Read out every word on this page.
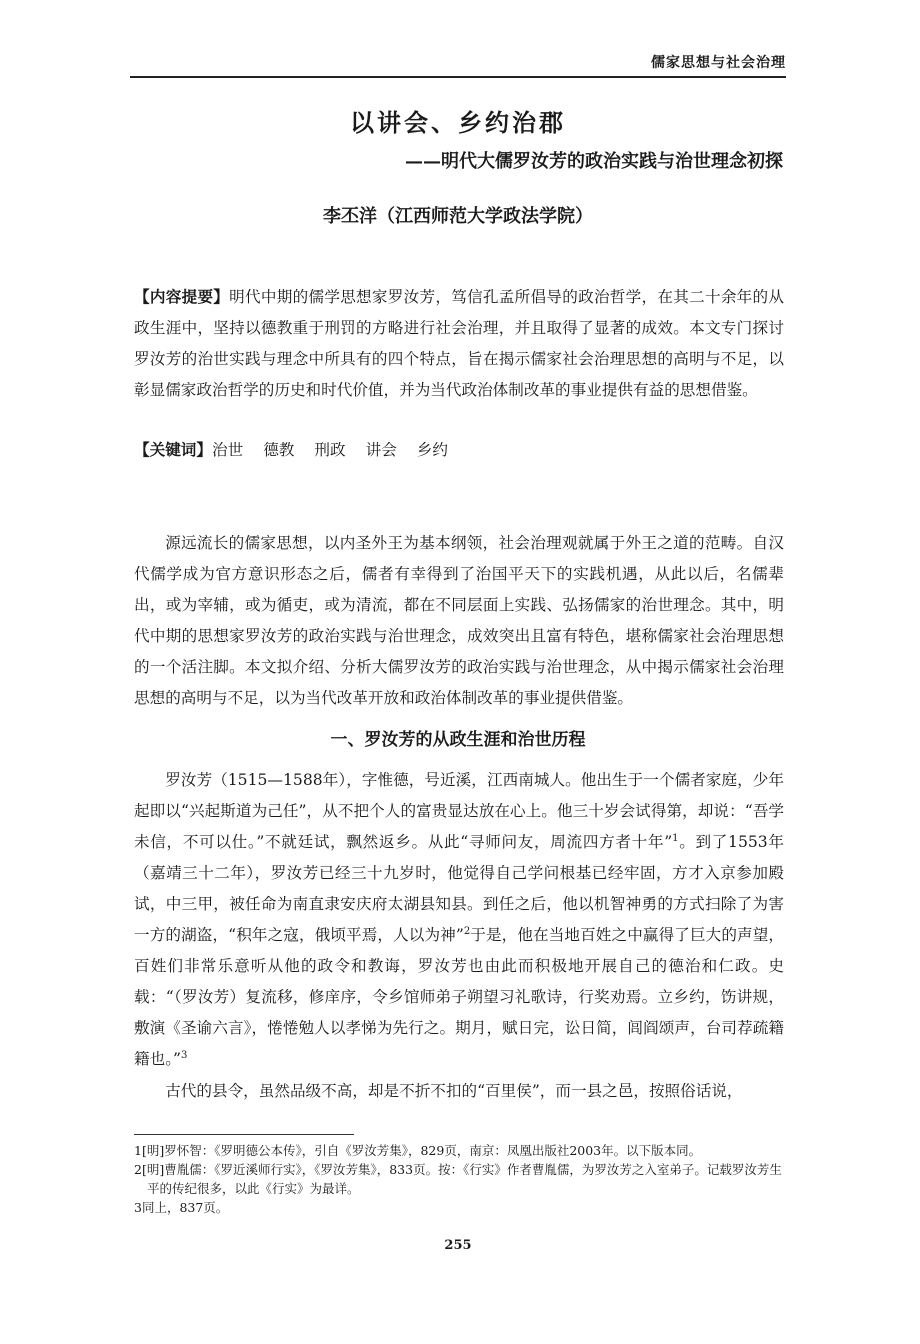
儒家思想与社会治理
以讲会、乡约治郡
——明代大儒罗汝芳的政治实践与治世理念初探
李丕洋（江西师范大学政法学院）

【内容提要】明代中期的儒学思想家罗汝芳，笃信孔孟所倡导的政治哲学，在其二十余年的从政生涯中，坚持以德教重于刑罚的方略进行社会治理，并且取得了显著的成效。本文专门探讨罗汝芳的治世实践与理念中所具有的四个特点，旨在揭示儒家社会治理思想的高明与不足，以彰显儒家政治哲学的历史和时代价值，并为当代政治体制改革的事业提供有益的思想借鉴。

【关键词】治世 德教 刑政 讲会 乡约

源远流长的儒家思想，以内圣外王为基本纲领，社会治理观就属于外王之道的范畴。自汉代儒学成为官方意识形态之后，儒者有幸得到了治国平天下的实践机遇，从此以后，名儒辈出，或为宰辅，或为循吏，或为清流，都在不同层面上实践、弘扬儒家的治世理念。其中，明代中期的思想家罗汝芳的政治实践与治世理念，成效突出且富有特色，堪称儒家社会治理思想的一个活注脚。本文拟介绍、分析大儒罗汝芳的政治实践与治世理念，从中揭示儒家社会治理思想的高明与不足，以为当代改革开放和政治体制改革的事业提供借鉴。

一、罗汝芳的从政生涯和治世历程

罗汝芳（1515—1588年），字惟德，号近溪，江西南城人。他出生于一个儒者家庭，少年起即以“兴起斯道为己任”，从不把个人的富贵显达放在心上。他三十岁会试得第，却说：“吾学未信，不可以仕。”不就廷试，飘然返乡。从此“寻师问友，周流四方者十年”$^1$。到了1553年（嘉靖三十二年），罗汝芳已经三十九岁时，他觉得自己学问根基已经牢固，方才入京参加殿试，中三甲，被任命为南直隶安庆府太湖县知县。到任之后，他以机智神勇的方式扫除了为害一方的湖盗，“积年之寇，俄顷平焉，人以为神”$^2$于是，他在当地百姓之中赢得了巨大的声望，百姓们非常乐意听从他的政令和教诲，罗汝芳也由此而积极地开展自己的德治和仁政。史载：“（罗汝芳）复流移，修庠序，令乡馆师弟子朔望习礼歌诗，行奖劝焉。立乡约，饬讲规，敷演《圣谕六言》，惓惓勉人以孝悌为先行之。期月，赋日完，讼日简，闾阎颂声，台司荐疏籍籍也。”$^3$

古代的县令，虽然品级不高，却是不折不扣的“百里侯”，而一县之邑，按照俗话说，

1[明]罗怀智：《罗明德公本传》，引自《罗汝芳集》，829页，南京：凤凰出版社2003年。以下版本同。
2[明]曹胤儒：《罗近溪师行实》，《罗汝芳集》，833页。按：《行实》作者曹胤儒，为罗汝芳之入室弟子。记载罗汝芳生平的传纪很多，以此《行实》为最详。
3同上，837页。
255
